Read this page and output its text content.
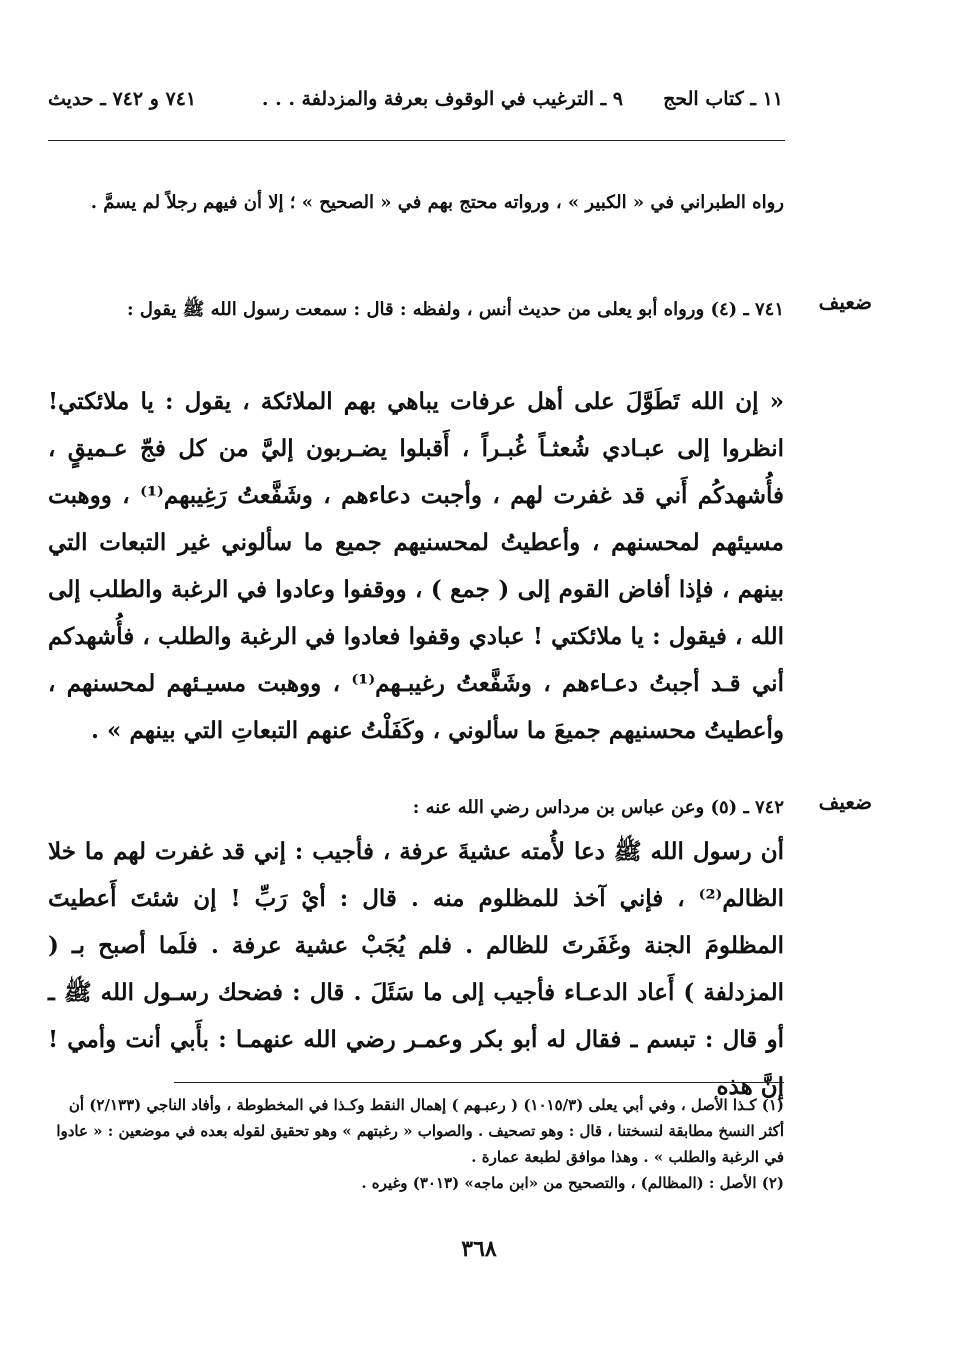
١١ ـ كتاب الحج
٩ ـ الترغيب في الوقوف بعرفة والمزدلفة . . .
٧٤١ و ٧٤٢ ـ حديث
رواه الطبراني في « الكبير » ، ورواته محتج بهم في « الصحيح » ؛ إلا أن فيهم رجلاً لم يسمَّ .
ضعيف
٧٤١ ـ (٤) ورواه أبو يعلى من حديث أنس ، ولفظه : قال : سمعت رسول الله ﷺ يقول :
« إن الله تَطَوَّلَ على أهل عرفات يباهي بهم الملائكة ، يقول : يا ملائكتي! انظروا إلى عبـادي شُعثـاً غُبـراً ، أَقبلوا يضـربون إليَّ من كل فجّ عـميقٍ ، فأُشهدكُم أَني قد غفرت لهم ، وأجبت دعاءهم ، وشَفَّعتُ رَغِيبهم⁽¹⁾ ، ووهبت مسيئهم لمحسنهم ، وأعطيتُ لمحسنيهم جميع ما سألوني غير التبعات التي بينهم ، فإذا أفاض القوم إلى ( جمع ) ، ووقفوا وعادوا في الرغبة والطلب إلى الله ، فيقول : يا ملائكتي ! عبادي وقفوا فعادوا في الرغبة والطلب ، فأُشهدكم أني قـد أجبتُ دعـاءهم ، وشَفَّعتُ رغيبـهم⁽¹⁾ ، ووهبت مسيـئهم لمحسنهم ، وأعطيتُ محسنيهم جميعَ ما سألوني ، وكَفَلْتُ عنهم التبعاتِ التي بينهم » .
ضعيف
٧٤٢ ـ (٥) وعن عباس بن مرداس رضي الله عنه :
أن رسول الله ﷺ دعا لأُمته عشيةَ عرفة ، فأجيب : إني قد غفرت لهم ما خلا الظالم⁽²⁾ ، فإني آخذ للمظلوم منه . قال : أيْ رَبِّ ! إن شئتَ أَعطيتَ المظلومَ الجنة وغَفَرتَ للظالم . فلم يُجَبْ عشية عرفة . فلَما أصبح بـ ( المزدلفة ) أَعاد الدعـاء فأجيب إلى ما سَئَلَ . قال : فضحك رسـول الله ﷺ ـ أو قال : تبسم ـ فقال له أبو بكر وعمـر رضي الله عنهمـا : بأَبي أنت وأمي ! إنَّ هذه

(١) كـذا الأصل ، وفي أبي يعلى (١٠١٥/٣) ( رعبـهم ) إهمال النقط وكـذا في المخطوطة ، وأفاد الناجي (٢/١٣٣) أن أكثر النسخ مطابقة لنسختنا ، قال : وهو تصحيف . والصواب « رغبتهم » وهو تحقيق لقوله بعده في موضعين : « عادوا في الرغبة والطلب » . وهذا موافق لطبعة عمارة .

(٢) الأصل : (المظالم) ، والتصحيح من «ابن ماجه» (٣٠١٣) وغيره .

٣٦٨
